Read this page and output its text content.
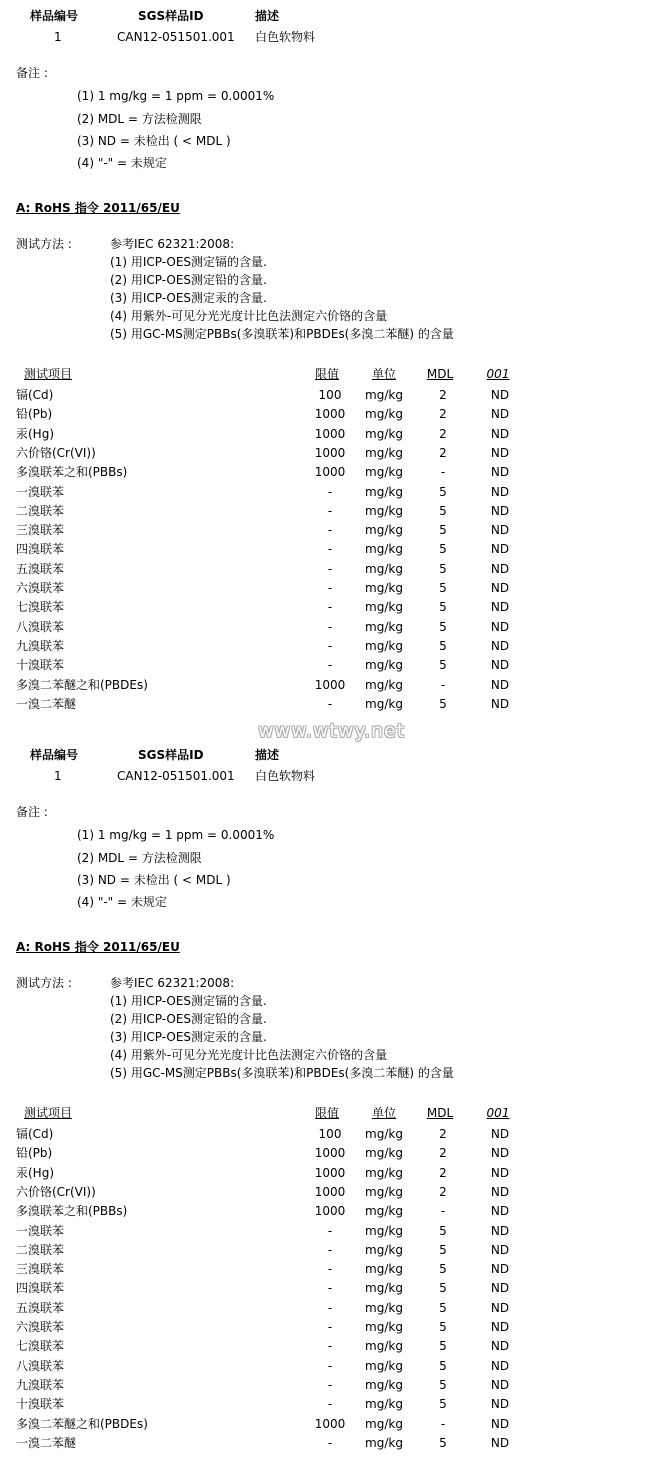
样品编号	SGS样品ID	描述
1	CAN12-051501.001 白色软物料
备注 :
(1) 1 mg/kg = 1 ppm = 0.0001%
(2) MDL = 方法检测限
(3) ND = 未检出 ( < MDL )
(4) "-" = 未规定
A: RoHS 指令 2011/65/EU
测试方法 :	参考IEC 62321:2008:
(1) 用ICP-OES测定镉的含量.
(2) 用ICP-OES测定铅的含量.
(3) 用ICP-OES测定汞的含量.
(4) 用紫外-可见分光光度计比色法测定六价铬的含量
(5) 用GC-MS测定PBBs(多溴联苯)和PBDEs(多溴二苯醚) 的含量
测试项目	限值	单位	MDL	001
镉(Cd)	100 mg/kg	2	ND
铅(Pb)	1000 mg/kg	2	ND
汞(Hg)	1000 mg/kg	2	ND
六价铬(Cr(VI))	1000 mg/kg	2	ND
多溴联苯之和(PBBs)	1000 mg/kg	-	ND
一溴联苯	-	mg/kg	5	ND
二溴联苯	-	mg/kg	5	ND
三溴联苯	-	mg/kg	5	ND
四溴联苯	-	mg/kg	5	ND
五溴联苯	-	mg/kg	5	ND
六溴联苯	-	mg/kg	5	ND
七溴联苯	-	mg/kg	5	ND
八溴联苯	-	mg/kg	5	ND
九溴联苯	-	mg/kg	5	ND
十溴联苯	-	mg/kg	5	ND
多溴二苯醚之和(PBDEs)	1000 mg/kg	-	ND
一溴二苯醚	-	mg/kg	5	ND
样品编号	SGS样品ID	描述
1	CAN12-051501.001 白色软物料
备注 :
(1) 1 mg/kg = 1 ppm = 0.0001%
(2) MDL = 方法检测限
(3) ND = 未检出 ( < MDL )
(4) "-" = 未规定
A: RoHS 指令 2011/65/EU
测试方法 :	参考IEC 62321:2008:
(1) 用ICP-OES测定镉的含量.
(2) 用ICP-OES测定铅的含量.
(3) 用ICP-OES测定汞的含量.
(4) 用紫外-可见分光光度计比色法测定六价铬的含量
(5) 用GC-MS测定PBBs(多溴联苯)和PBDEs(多溴二苯醚) 的含量
测试项目	限值	单位	MDL	001
镉(Cd)	100 mg/kg	2	ND
铅(Pb)	1000 mg/kg	2	ND
汞(Hg)	1000 mg/kg	2	ND
六价铬(Cr(VI))	1000 mg/kg	2	ND
多溴联苯之和(PBBs)	1000 mg/kg	-	ND
一溴联苯	-	mg/kg	5	ND
二溴联苯	-	mg/kg	5	ND
三溴联苯	-	mg/kg	5	ND
四溴联苯	-	mg/kg	5	ND
五溴联苯	-	mg/kg	5	ND
六溴联苯	-	mg/kg	5	ND
七溴联苯	-	mg/kg	5	ND
八溴联苯	-	mg/kg	5	ND
九溴联苯	-	mg/kg	5	ND
十溴联苯	-	mg/kg	5	ND
多溴二苯醚之和(PBDEs)	1000 mg/kg	-	ND
一溴二苯醚	-	mg/kg	5	ND
www.wtwy.net
